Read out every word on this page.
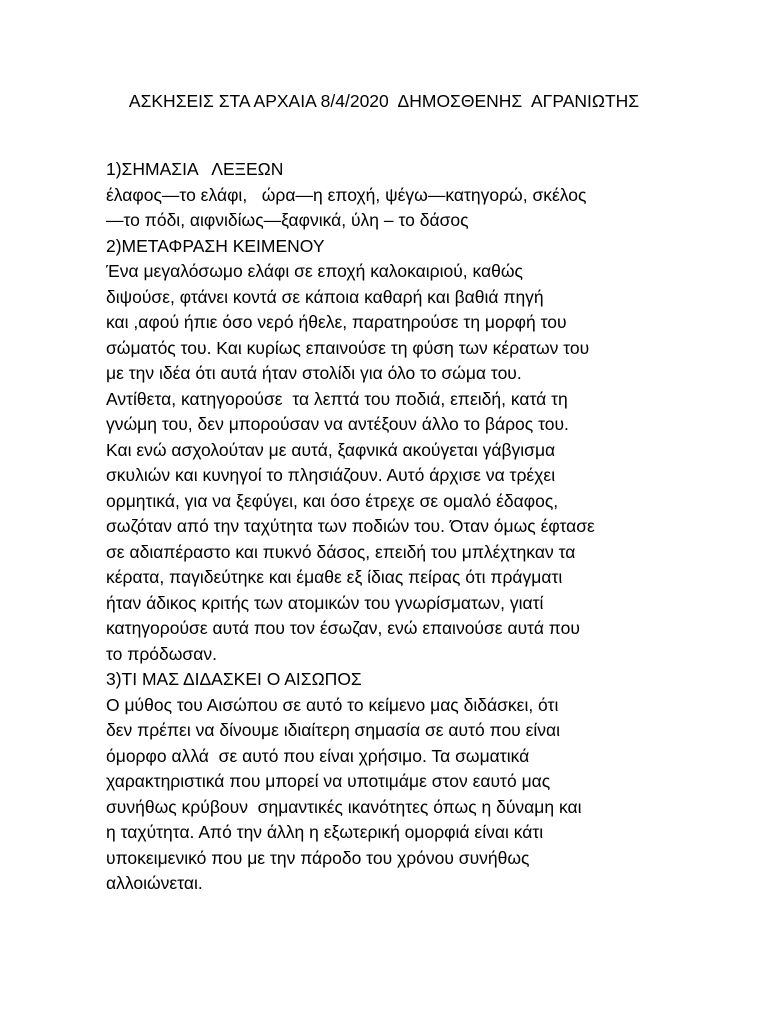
ΑΣΚΗΣΕΙΣ ΣΤΑ ΑΡΧΑΙΑ 8/4/2020  ΔΗΜΟΣΘΕΝΗΣ  ΑΓΡΑΝΙΩΤΗΣ
1)ΣΗΜΑΣΙΑ   ΛΕΞΕΩΝ
έλαφος—το ελάφι,   ώρα—η εποχή, ψέγω—κατηγορώ, σκέλος
—το πόδι, αιφνιδίως—ξαφνικά, ύλη – το δάσος
2)ΜΕΤΑΦΡΑΣΗ ΚΕΙΜΕΝΟΥ
Ένα μεγαλόσωμο ελάφι σε εποχή καλοκαιριού, καθώς
διψούσε, φτάνει κοντά σε κάποια καθαρή και βαθιά πηγή
και ,αφού ήπιε όσο νερό ήθελε, παρατηρούσε τη μορφή του
σώματός του. Και κυρίως επαινούσε τη φύση των κέρατων του
με την ιδέα ότι αυτά ήταν στολίδι για όλο το σώμα του.
Αντίθετα, κατηγορούσε  τα λεπτά του ποδιά, επειδή, κατά τη
γνώμη του, δεν μπορούσαν να αντέξουν άλλο το βάρος του.
Και ενώ ασχολούταν με αυτά, ξαφνικά ακούγεται γάβγισμα
σκυλιών και κυνηγοί το πλησιάζουν. Αυτό άρχισε να τρέχει
ορμητικά, για να ξεφύγει, και όσο έτρεχε σε ομαλό έδαφος,
σωζόταν από την ταχύτητα των ποδιών του. Όταν όμως έφτασε
σε αδιαπέραστο και πυκνό δάσος, επειδή του μπλέχτηκαν τα
κέρατα, παγιδεύτηκε και έμαθε εξ ίδιας πείρας ότι πράγματι
ήταν άδικος κριτής των ατομικών του γνωρίσματων, γιατί
κατηγορούσε αυτά που τον έσωζαν, ενώ επαινούσε αυτά που
το πρόδωσαν.
3)ΤΙ ΜΑΣ ΔΙΔΑΣΚΕΙ Ο ΑΙΣΩΠΟΣ
Ο μύθος του Αισώπου σε αυτό το κείμενο μας διδάσκει, ότι
δεν πρέπει να δίνουμε ιδιαίτερη σημασία σε αυτό που είναι
όμορφο αλλά  σε αυτό που είναι χρήσιμο. Τα σωματικά
χαρακτηριστικά που μπορεί να υποτιμάμε στον εαυτό μας
συνήθως κρύβουν  σημαντικές ικανότητες όπως η δύναμη και
η ταχύτητα. Από την άλλη η εξωτερική ομορφιά είναι κάτι
υποκειμενικό που με την πάροδο του χρόνου συνήθως
αλλοιώνεται.
